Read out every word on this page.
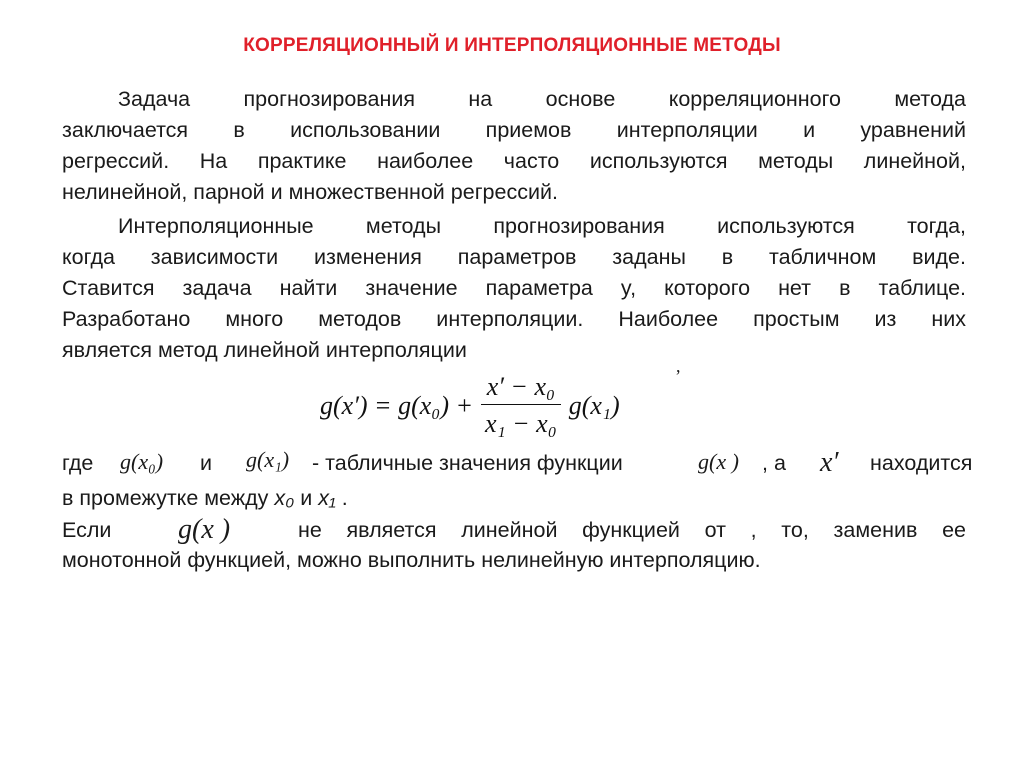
КОРРЕЛЯЦИОННЫЙ И ИНТЕРПОЛЯЦИОННЫЕ МЕТОДЫ
Задача прогнозирования на основе корреляционного метода
заключается в использовании приемов интерполяции и уравнений
регрессий. На практике наиболее часто используются методы линейной,
нелинейной, парной и множественной регрессий.
Интерполяционные методы прогнозирования используются тогда,
когда зависимости изменения параметров заданы в табличном виде.
Ставится задача найти значение параметра y, которого нет в таблице.
Разработано много методов интерполяции. Наиболее простым из них
является метод линейной интерполяции
,
$g(x') = g(x_0) + \frac{\text{x′ − x₀}}{\text{x₁ − x₀}} g(x_1)$
где g(x₀) и g(x₁) - табличные значения функции	g(x ) , а x′ находится
в промежутке между x₀ и x₁ .
Если g(x )	не является линейной функцией от , то, заменив ее
монотонной функцией, можно выполнить нелинейную интерполяцию.
